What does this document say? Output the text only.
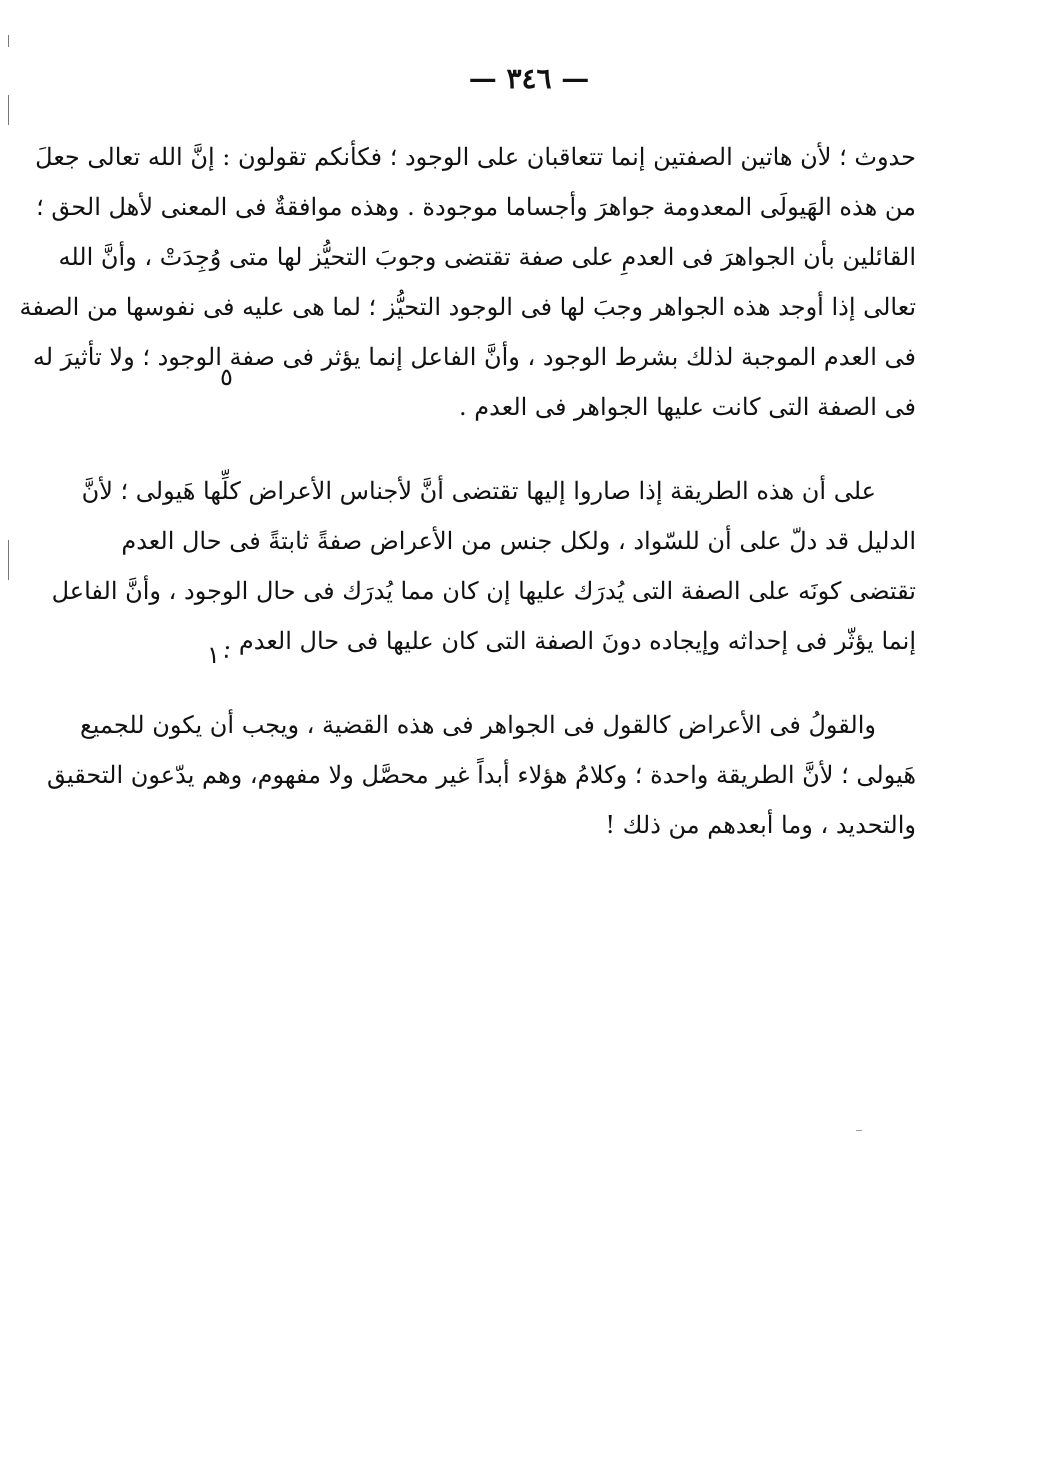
— ٣٤٦ —
حدوث ؛ لأن هاتين الصفتين إنما تتعاقبان على الوجود ؛ فكأنكم تقولون : إنَّ الله تعالى جعلَ
من هذه الهَيولَى المعدومة جواهرَ وأجساما موجودة . وهذه موافقةٌ فى المعنى لأهل الحق ؛
القائلين بأن الجواهرَ فى العدمِ على صفة تقتضى وجوبَ التحيُّز لها متى وُجِدَتْ ، وأنَّ الله
تعالى إذا أوجد هذه الجواهر وجبَ لها فى الوجود التحيُّز ؛ لما هى عليه فى نفوسها من الصفة
فى العدم الموجبة لذلك بشرط الوجود ، وأنَّ الفاعل إنما يؤثر فى صفة الوجود ؛ ولا تأثيرَ له
فى الصفة التى كانت عليها الجواهر فى العدم .
٥
على أن هذه الطريقة إذا صاروا إليها تقتضى أنَّ لأجناس الأعراض كلِّها هَيولى ؛ لأنَّ
الدليل قد دلّ على أن للسّواد ، ولكل جنس من الأعراض صفةً ثابتةً فى حال العدم
تقتضى كونَه على الصفة التى يُدرَك عليها إن كان مما يُدرَك فى حال الوجود ، وأنَّ الفاعل
إنما يؤثّر فى إحداثه وإيجاده دونَ الصفة التى كان عليها فى حال العدم .
١٠
والقولُ فى الأعراض كالقول فى الجواهر فى هذه القضية ، ويجب أن يكون للجميع
هَيولى ؛ لأنَّ الطريقة واحدة ؛ وكلامُ هؤلاء أبداً غير محصَّل ولا مفهوم، وهم يدّعون التحقيق
والتحديد ، وما أبعدهم من ذلك !
